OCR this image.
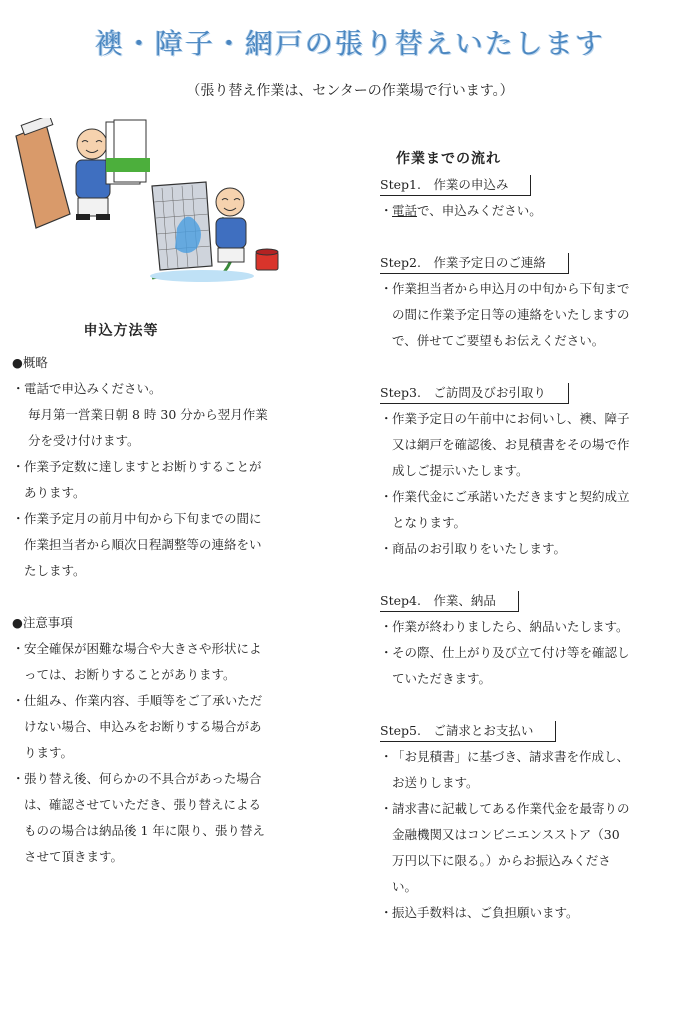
襖・障子・網戸の張り替えいたします
（張り替え作業は、センターの作業場で行います。）
申込方法等
●概略
・ 電話で申込みください。
毎月第一営業日朝 8 時 30 分から翌月作業分を受け付けます。
・ 作業予定数に達しますとお断りすることがあります。
・ 作業予定月の前月中旬から下旬までの間に作業担当者から順次日程調整等の連絡をいたします。
●注意事項
・ 安全確保が困難な場合や大きさや形状によっては、お断りすることがあります。
・ 仕組み、作業内容、手順等をご了承いただけない場合、申込みをお断りする場合があります。
・ 張り替え後、何らかの不具合があった場合は、確認させていただき、張り替えによるものの場合は納品後 1 年に限り、張り替えさせて頂きます。
作業までの流れ
Step1.　作業の申込み
・ 電話で、申込みください。
Step2.　作業予定日のご連絡
・ 作業担当者から申込月の中旬から下旬までの間に作業予定日等の連絡をいたしますので、併せてご要望もお伝えください。
Step3.　ご訪問及びお引取り
・ 作業予定日の午前中にお伺いし、襖、障子又は網戸を確認後、お見積書をその場で作成しご提示いたします。
・ 作業代金にご承諾いただきますと契約成立となります。
・ 商品のお引取りをいたします。
Step4.　作業、納品
・ 作業が終わりましたら、納品いたします。
・ その際、仕上がり及び立て付け等を確認していただきます。
Step5.　ご請求とお支払い
・ 「お見積書」に基づき、請求書を作成し、お送りします。
・ 請求書に記載してある作業代金を最寄りの金融機関又はコンビニエンスストア（30 万円以下に限る。）からお振込みください。
・ 振込手数料は、ご負担願います。
